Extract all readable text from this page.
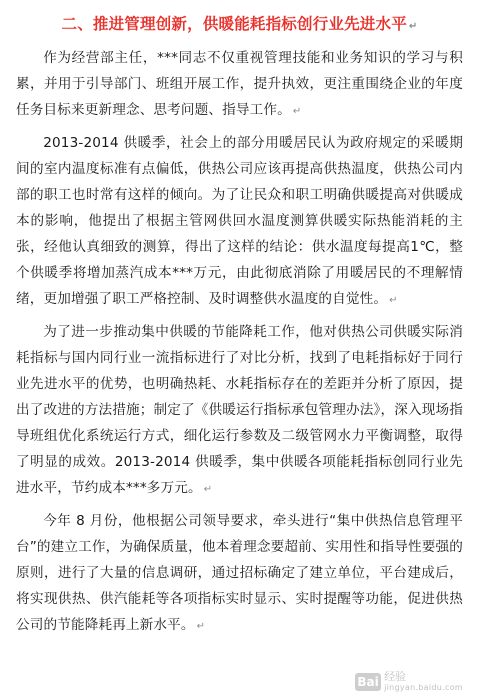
二、推进管理创新，供暖能耗指标创行业先进水平 ↵

作为经营部主任，***同志不仅重视管理技能和业务知识的学习与积累，并用于引导部门、班组开展工作，提升执效，更注重围绕企业的年度任务目标来更新理念、思考问题、指导工作。 ↵

2013-2014 供暖季，社会上的部分用暖居民认为政府规定的采暖期间的室内温度标准有点偏低，供热公司应该再提高供热温度，供热公司内部的职工也时常有这样的倾向。为了让民众和职工明确供暖提高对供暖成本的影响，他提出了根据主管网供回水温度测算供暖实际热能消耗的主张，经他认真细致的测算，得出了这样的结论：供水温度每提高1℃，整个供暖季将增加蒸汽成本***万元，由此彻底消除了用暖居民的不理解情绪，更加增强了职工严格控制、及时调整供水温度的自觉性。 ↵

为了进一步推动集中供暖的节能降耗工作，他对供热公司供暖实际消耗指标与国内同行业一流指标进行了对比分析，找到了电耗指标好于同行业先进水平的优势，也明确热耗、水耗指标存在的差距并分析了原因，提出了改进的方法措施；制定了《供暖运行指标承包管理办法》，深入现场指导班组优化系统运行方式，细化运行参数及二级管网水力平衡调整，取得了明显的成效。2013-2014 供暖季，集中供暖各项能耗指标创同行业先进水平，节约成本***多万元。 ↵

今年 8 月份，他根据公司领导要求，牵头进行“集中供热信息管理平台”的建立工作，为确保质量，他本着理念要超前、实用性和指导性要强的原则，进行了大量的信息调研，通过招标确定了建立单位，平台建成后，将实现供热、供汽能耗等各项指标实时显示、实时提醒等功能，促进供热公司的节能降耗再上新水平。 ↵

Bai 经验
jingyan.baidu.com
